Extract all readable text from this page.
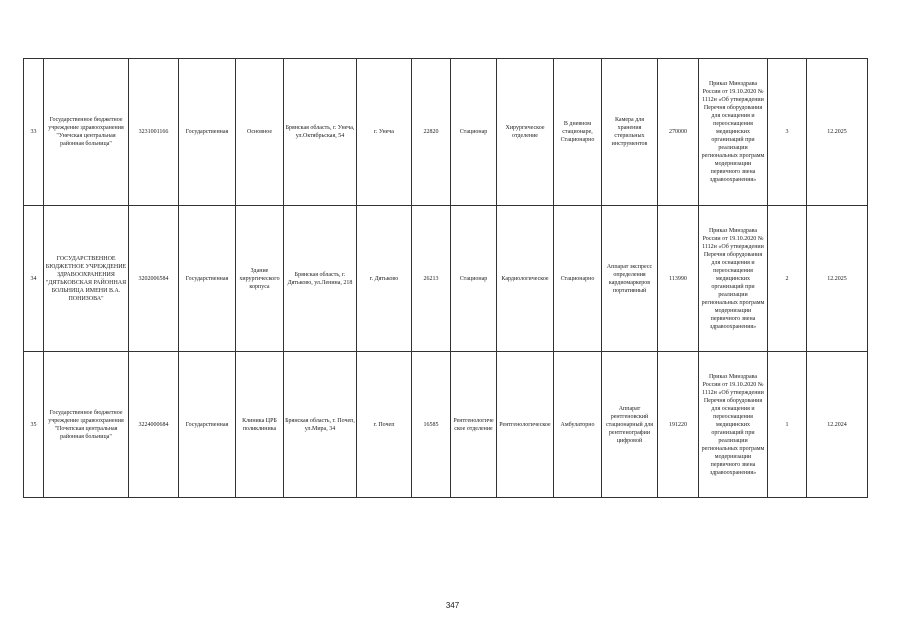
33	Государственное бюджетное учреждение здравоохранения "Унечская центральная районная больница"	3231001166	Государственная	Основное	Брянская область, г. Унеча, ул.Октябрьская, 54	г. Унеча	22820	Стационар	Хирургическое отделение	В дневном стационаре, Стационарно	Камера для хранения стерильных инструментов	270000	Приказ Минздрава России от 19.10.2020 № 1112н «Об утверждении Перечня оборудования для оснащения и переоснащения медицинских организаций при реализации региональных программ модернизации первичного звена здравоохранения»	3	12.2025
34	ГОСУДАРСТВЕННОЕ БЮДЖЕТНОЕ УЧРЕЖДЕНИЕ ЗДРАВООХРАНЕНИЯ "ДЯТЬКОВСКАЯ РАЙОННАЯ БОЛЬНИЦА ИМЕНИ В.А. ПОНИЗОВА"	3202006584	Государственная	Здание хирургического корпуса	Брянская область, г. Дятьково, ул.Ленина, 218	г. Дятьково	26213	Стационар	Кардиологическое	Стационарно	Аппарат экспресс определения кардиомаркеров портативный	113990	Приказ Минздрава России от 19.10.2020 № 1112н «Об утверждении Перечня оборудования для оснащения и переоснащения медицинских организаций при реализации региональных программ модернизации первичного звена здравоохранения»	2	12.2025
35	Государственное бюджетное учреждение здравоохранения "Почепская центральная районная больница"	3224000684	Государственная	Клиника ЦРБ поликлиника	Брянская область, г. Почеп, ул.Мира, 34	г. Почеп	16585	Рентгенологическое отделение	Рентгенологическое	Амбулаторно	Аппарат рентгеновский стационарный для рентгенографии цифровой	191220	Приказ Минздрава России от 19.10.2020 № 1112н «Об утверждении Перечня оборудования для оснащения и переоснащения медицинских организаций при реализации региональных программ модернизации первичного звена здравоохранения»	1	12.2024
347
